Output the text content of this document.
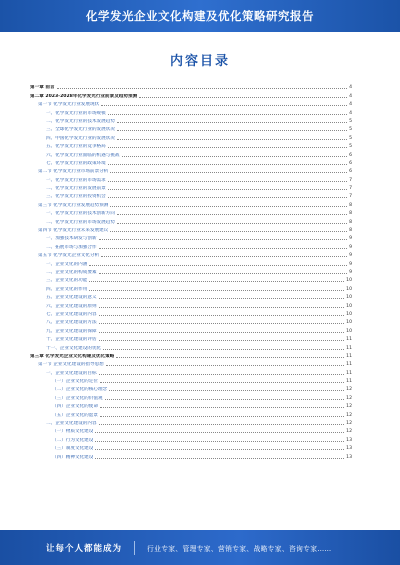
化学发光企业文化构建及优化策略研究报告
内容目录
第一章 前言	4
第二章 2023-2028年化学发光行业前景及趋势预测	4
第一节 化学发光行业发展现状	4
一、化学发光行业的市场规模	4
二、化学发光行业的技术发展趋势	5
三、全球化学发光行业的发展状况	5
四、中国化学发光行业的发展状况	5
五、化学发光行业的竞争格局	5
六、化学发光行业面临的机遇与挑战	6
七、化学发光行业的政策环境	6
第二节 化学发光行业市场前景分析	6
一、化学发光行业的市场需求	7
二、化学发光行业的发展前景	7
三、化学发光行业的投资机会	7
第三节 化学发光行业发展趋势预测	8
一、化学发光行业的技术创新方向	8
二、化学发光行业的市场发展趋势	8
第四节 化学发光行业未来发展建议	8
一、加强技术研发与创新	9
二、拓展市场与加强合作	9
第五节 化学发光企业文化分析	9
一、企业文化的内涵	9
二、企业文化的构成要素	9
三、企业文化的功能	10
四、企业文化的作用	10
五、企业文化建设的意义	10
六、企业文化建设的原则	10
七、企业文化建设的内容	10
八、企业文化建设的方法	10
九、企业文化建设的保障	10
十、企业文化建设的评估	11
十一、企业文化建设的优化	11
第三章 化学发光企业文化构建及优化策略	11
第一节 企业文化建设的指导思想	11
一、企业文化建设的目标	11
（一）企业文化的定位	11
（二）企业文化的核心理念	12
（三）企业文化的价值观	12
（四）企业文化的使命	12
（五）企业文化的愿景	12
二、企业文化建设的内容	12
（一）物质文化建设	12
（二）行为文化建设	13
（三）制度文化建设	13
（四）精神文化建设	13
让每个人都能成为	行业专家、管理专家、营销专家、战略专家、咨询专家……
